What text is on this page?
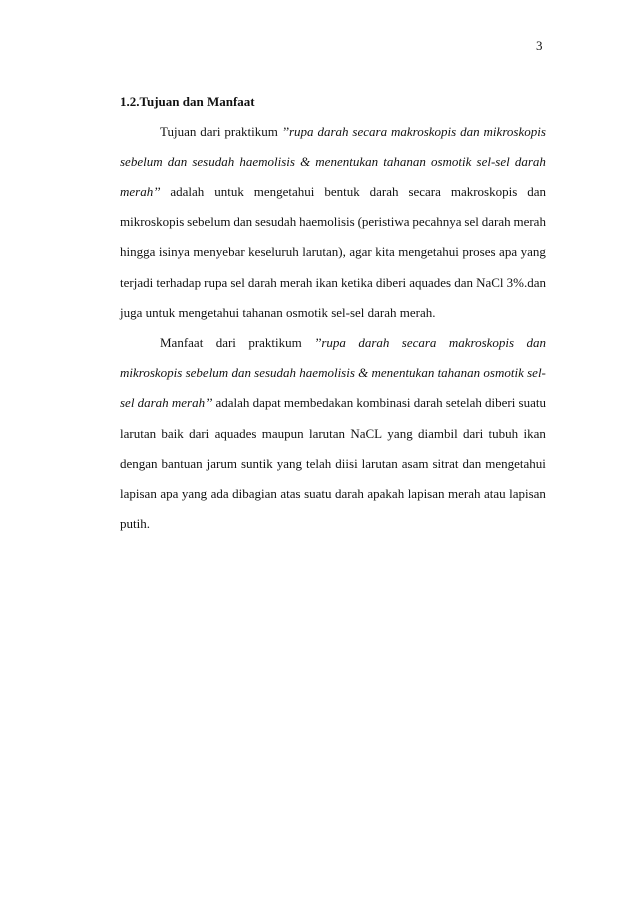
3
1.2.Tujuan dan Manfaat
Tujuan dari praktikum ’’rupa darah secara makroskopis dan mikroskopis
sebelum dan sesudah haemolisis & menentukan tahanan osmotik sel-sel darah
merah’’ adalah untuk mengetahui bentuk darah secara makroskopis dan
mikroskopis sebelum dan sesudah haemolisis (peristiwa pecahnya sel darah merah
hingga isinya menyebar keseluruh larutan), agar kita mengetahui proses apa yang
terjadi terhadap rupa sel darah merah ikan ketika diberi aquades dan NaCl 3%.dan
juga untuk mengetahui tahanan osmotik sel-sel darah merah.
Manfaat dari praktikum ’’rupa darah secara makroskopis dan
mikroskopis sebelum dan sesudah haemolisis & menentukan tahanan osmotik sel-
sel darah merah’’ adalah dapat membedakan kombinasi darah setelah diberi suatu
larutan baik dari aquades maupun larutan NaCL yang diambil dari tubuh ikan
dengan bantuan jarum suntik yang telah diisi larutan asam sitrat dan mengetahui
lapisan apa yang ada dibagian atas suatu darah apakah lapisan merah atau lapisan
putih.
